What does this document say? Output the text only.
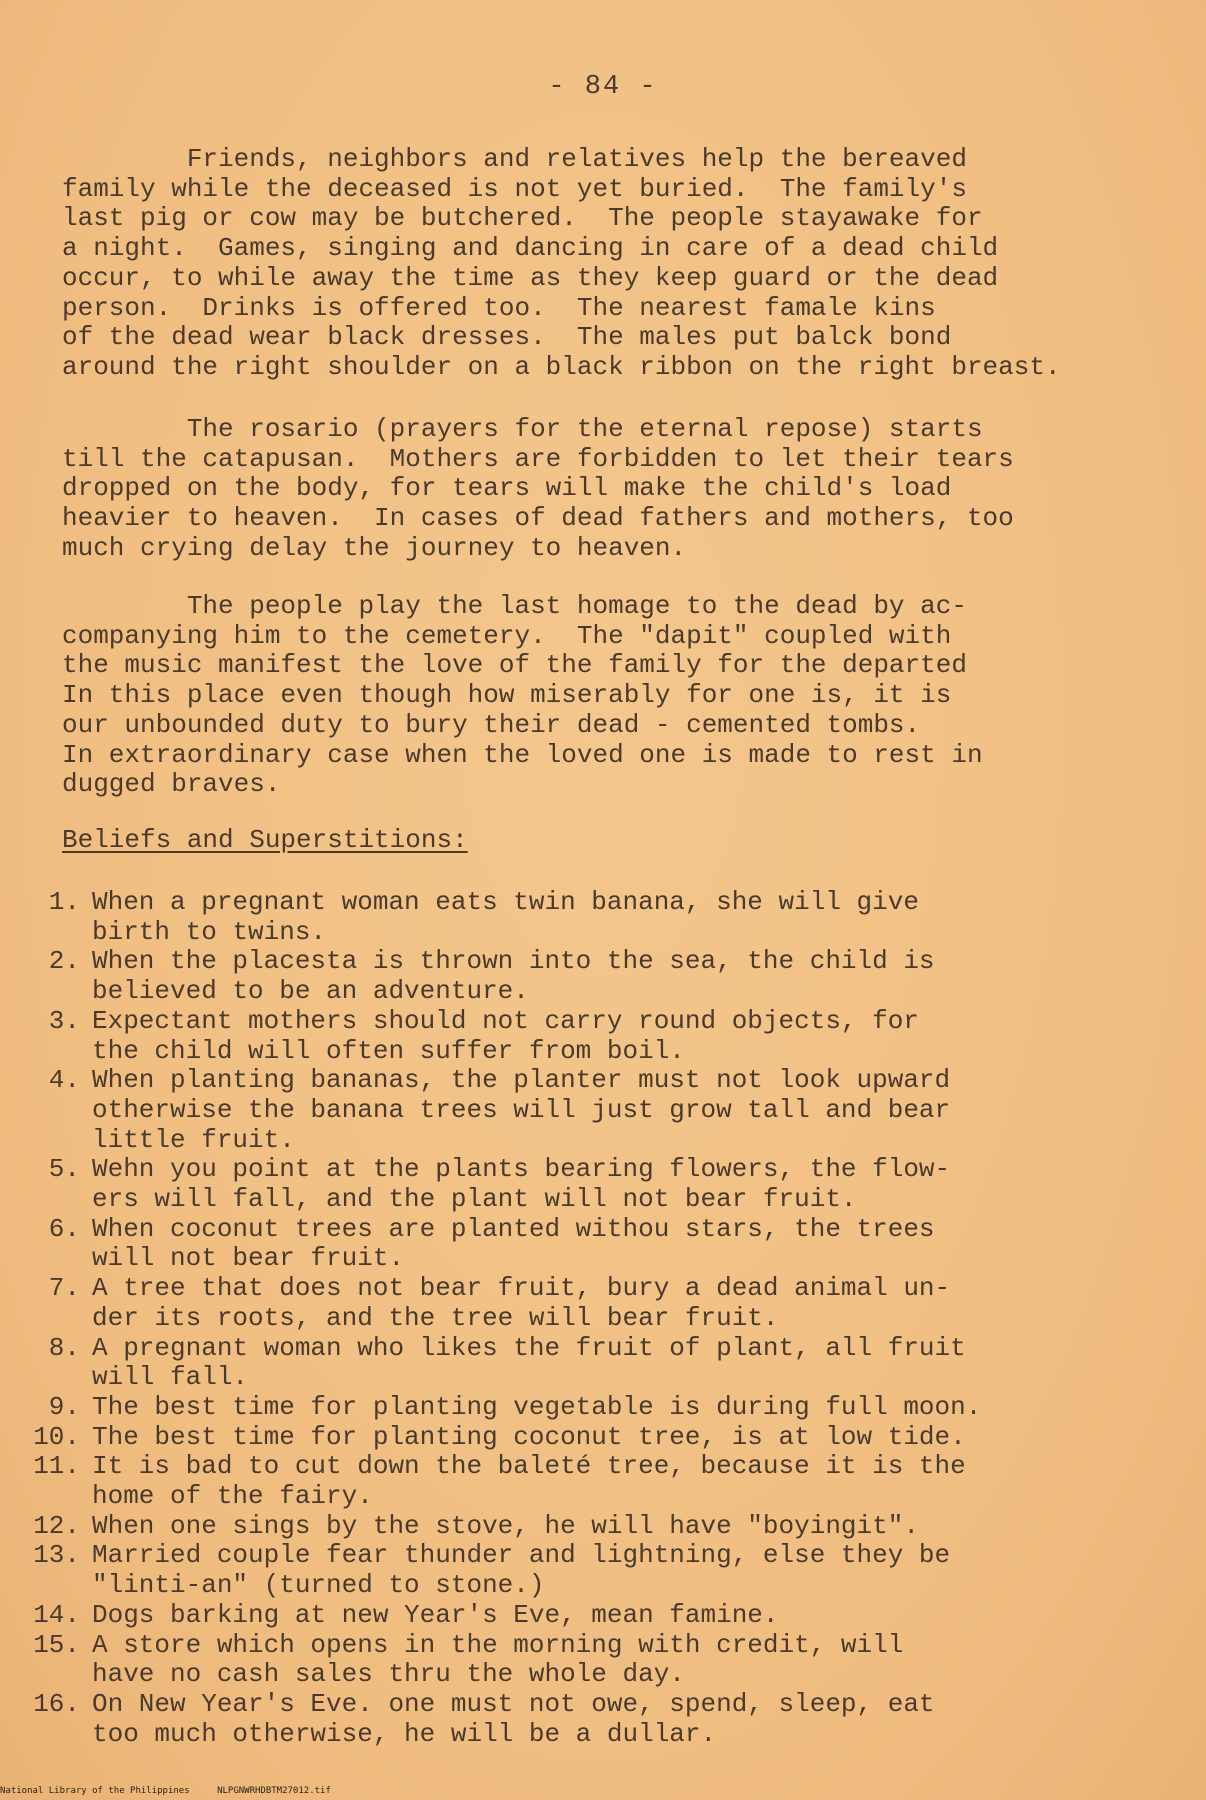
- 84 -

Friends, neighbors and relatives help the bereaved
family while the deceased is not yet buried.  The family's
last pig or cow may be butchered.  The people stayawake for
a night.  Games, singing and dancing in care of a dead child
occur, to while away the time as they keep guard or the dead
person.  Drinks is offered too.  The nearest famale kins
of the dead wear black dresses.  The males put balck bond
around the right shoulder on a black ribbon on the right breast.

The rosario (prayers for the eternal repose) starts
till the catapusan.  Mothers are forbidden to let their tears
dropped on the body, for tears will make the child's load
heavier to heaven.  In cases of dead fathers and mothers, too
much crying delay the journey to heaven.

The people play the last homage to the dead by ac-
companying him to the cemetery.  The "dapit" coupled with
the music manifest the love of the family for the departed
In this place even though how miserably for one is, it is
our unbounded duty to bury their dead - cemented tombs.
In extraordinary case when the loved one is made to rest in
dugged braves.

Beliefs and Superstitions:
1. When a pregnant woman eats twin banana, she will give
birth to twins.
2. When the placesta is thrown into the sea, the child is
believed to be an adventure.
3. Expectant mothers should not carry round objects, for
the child will often suffer from boil.
4. When planting bananas, the planter must not look upward
otherwise the banana trees will just grow tall and bear
little fruit.
5. Wehn you point at the plants bearing flowers, the flow-
ers will fall, and the plant will not bear fruit.
6. When coconut trees are planted withou stars, the trees
will not bear fruit.
7. A tree that does not bear fruit, bury a dead animal un-
der its roots, and the tree will bear fruit.
8. A pregnant woman who likes the fruit of plant, all fruit
will fall.
9. The best time for planting vegetable is during full moon.
10. The best time for planting coconut tree, is at low tide.
11. It is bad to cut down the baleté tree, because it is the
home of the fairy.
12. When one sings by the stove, he will have "boyingit".
13. Married couple fear thunder and lightning, else they be
"linti-an" (turned to stone.)
14. Dogs barking at new Year's Eve, mean famine.
15. A store which opens in the morning with credit, will
have no cash sales thru the whole day.
16. On New Year's Eve. one must not owe, spend, sleep, eat
too much otherwise, he will be a dullar.
National Library of the Philippines	NLPGNWRHDBTM27012.tif
